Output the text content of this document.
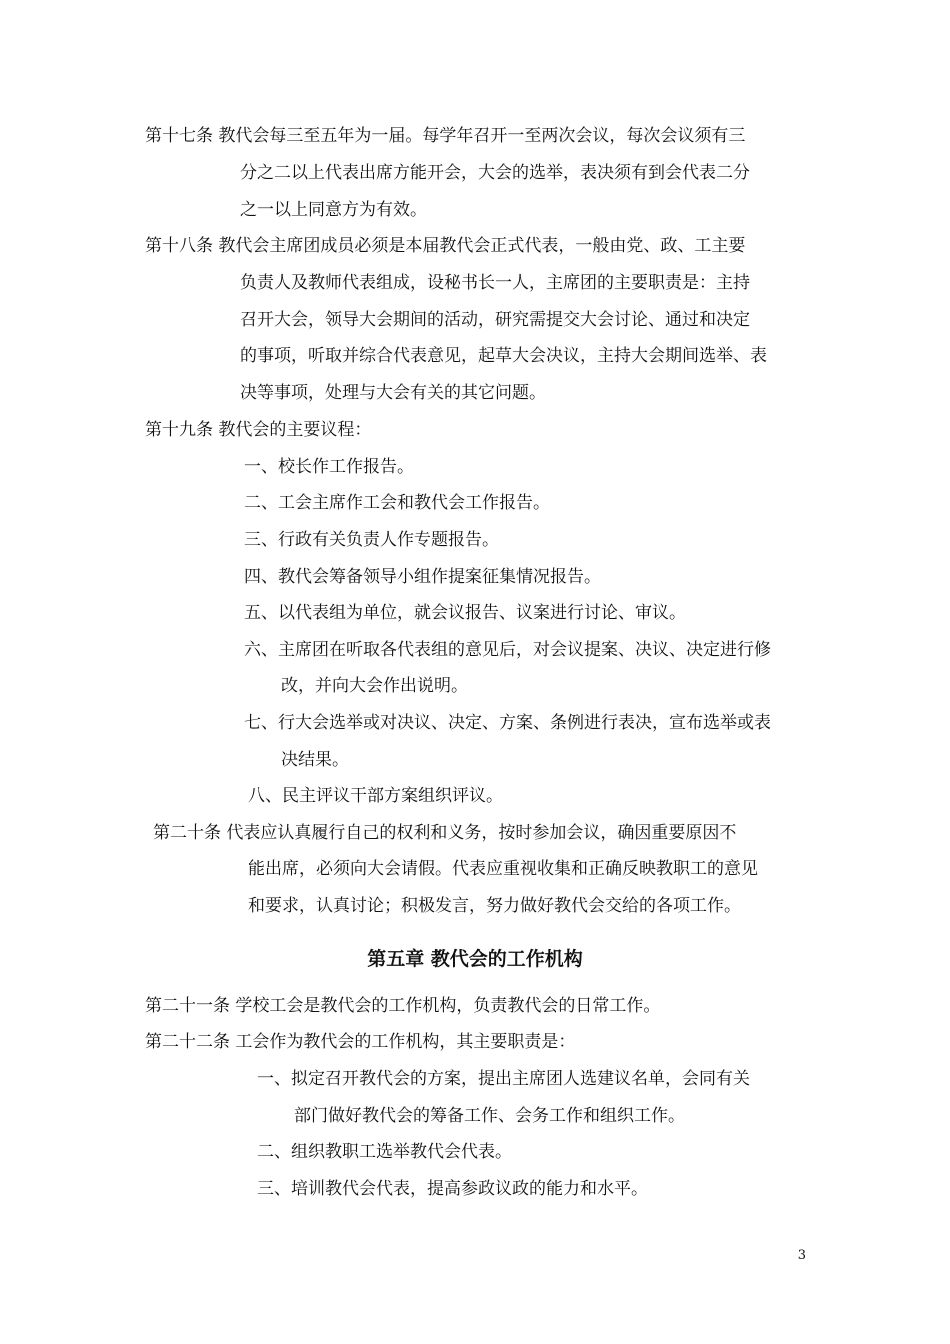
第十七条 教代会每三至五年为一届。每学年召开一至两次会议，每次会议须有三
分之二以上代表出席方能开会，大会的选举，表决须有到会代表二分
之一以上同意方为有效。
第十八条 教代会主席团成员必须是本届教代会正式代表，一般由党、政、工主要
负责人及教师代表组成，设秘书长一人，主席团的主要职责是：主持
召开大会，领导大会期间的活动，研究需提交大会讨论、通过和决定
的事项，听取并综合代表意见，起草大会决议，主持大会期间选举、表
决等事项，处理与大会有关的其它问题。
第十九条 教代会的主要议程：
一、校长作工作报告。
二、工会主席作工会和教代会工作报告。
三、行政有关负责人作专题报告。
四、教代会筹备领导小组作提案征集情况报告。
五、以代表组为单位，就会议报告、议案进行讨论、审议。
六、主席团在听取各代表组的意见后，对会议提案、决议、决定进行修
改，并向大会作出说明。
七、行大会选举或对决议、决定、方案、条例进行表决，宣布选举或表
决结果。
八、民主评议干部方案组织评议。
第二十条 代表应认真履行自己的权利和义务，按时参加会议，确因重要原因不
能出席，必须向大会请假。代表应重视收集和正确反映教职工的意见
和要求，认真讨论；积极发言，努力做好教代会交给的各项工作。
第五章 教代会的工作机构
第二十一条 学校工会是教代会的工作机构，负责教代会的日常工作。
第二十二条 工会作为教代会的工作机构，其主要职责是：
一、拟定召开教代会的方案，提出主席团人选建议名单，会同有关
部门做好教代会的筹备工作、会务工作和组织工作。
二、组织教职工选举教代会代表。
三、培训教代会代表，提高参政议政的能力和水平。
3
